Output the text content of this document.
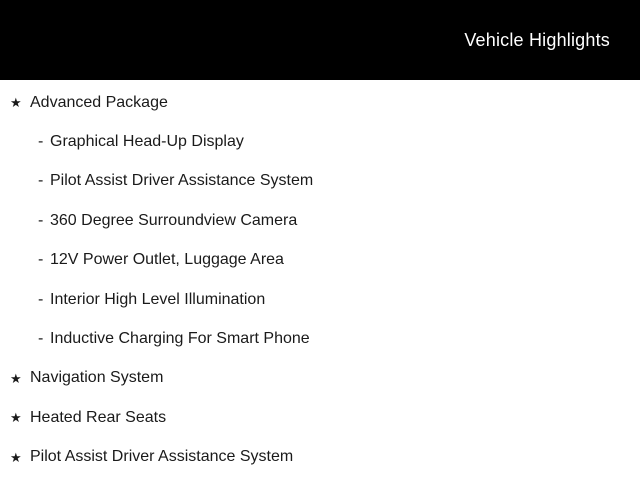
Vehicle Highlights
★ Advanced Package
- Graphical Head-Up Display
- Pilot Assist Driver Assistance System
- 360 Degree Surroundview Camera
- 12V Power Outlet, Luggage Area
- Interior High Level Illumination
- Inductive Charging For Smart Phone
★ Navigation System
★ Heated Rear Seats
★ Pilot Assist Driver Assistance System
